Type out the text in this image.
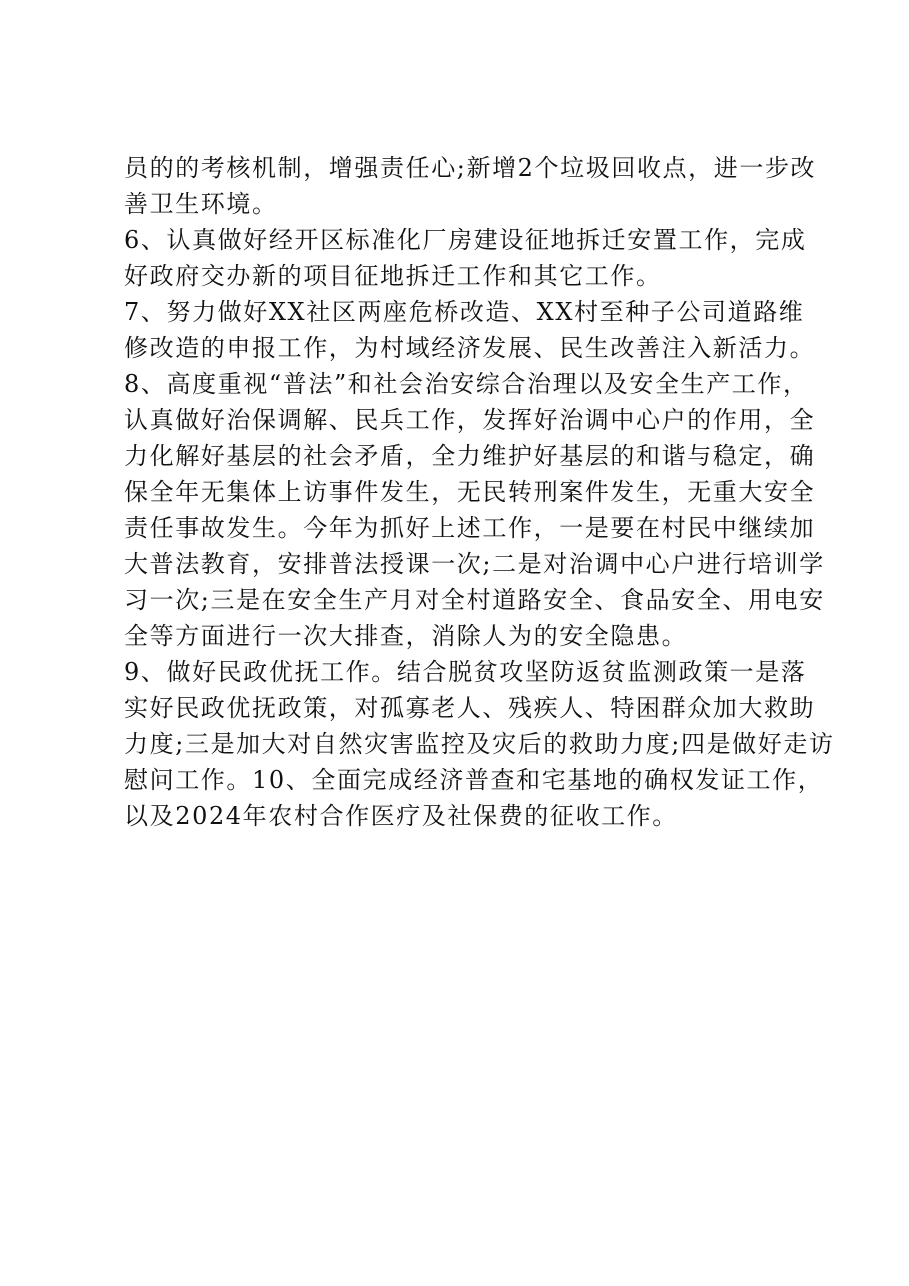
员的的考核机制，增强责任心;新增2个垃圾回收点，进一步改
善卫生环境。
6、认真做好经开区标准化厂房建设征地拆迁安置工作，完成
好政府交办新的项目征地拆迁工作和其它工作。
7、努力做好XX社区两座危桥改造、XX村至种子公司道路维
修改造的申报工作，为村域经济发展、民生改善注入新活力。
8、高度重视“普法”和社会治安综合治理以及安全生产工作，
认真做好治保调解、民兵工作，发挥好治调中心户的作用，全
力化解好基层的社会矛盾，全力维护好基层的和谐与稳定，确
保全年无集体上访事件发生，无民转刑案件发生，无重大安全
责任事故发生。今年为抓好上述工作，一是要在村民中继续加
大普法教育，安排普法授课一次;二是对治调中心户进行培训学
习一次;三是在安全生产月对全村道路安全、食品安全、用电安
全等方面进行一次大排查，消除人为的安全隐患。
9、做好民政优抚工作。结合脱贫攻坚防返贫监测政策一是落
实好民政优抚政策，对孤寡老人、残疾人、特困群众加大救助
力度;三是加大对自然灾害监控及灾后的救助力度;四是做好走访
慰问工作。10、全面完成经济普查和宅基地的确权发证工作，
以及2024年农村合作医疗及社保费的征收工作。
